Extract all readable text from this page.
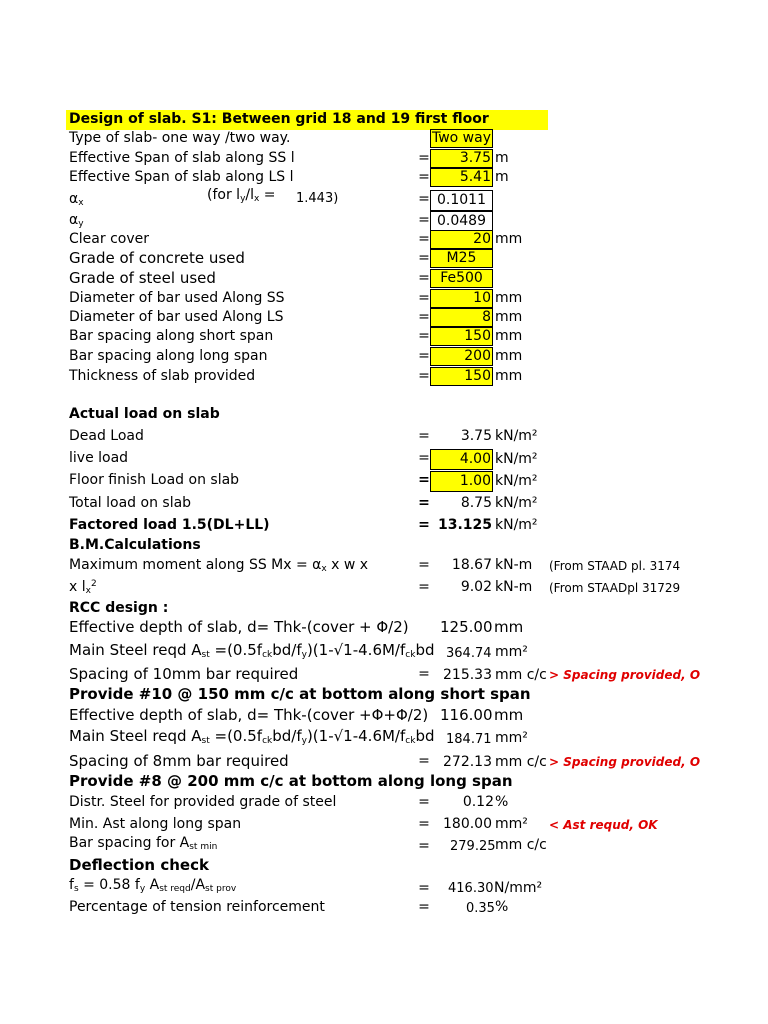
Design of slab. S1: Between grid 18 and 19 first floor
Type of slab- one way /two way.	Two way
Effective Span of slab along SS l	=	3.75 m
Effective Span of slab along LS l	=	5.41 m
αx	(for ly/lx = 1.443)	= 0.1011
αy	= 0.0489
Clear cover	=	20 mm
Grade of concrete used	=	M25
Grade of steel used	= Fe500
Diameter of bar used Along SS	=	10 mm
Diameter of bar used Along LS	=	8 mm
Bar spacing along short span	=	150 mm
Bar spacing along long span	=	200 mm
Thickness of slab provided	=	150 mm
Actual load on slab
Dead Load	=	3.75 kN/m²
live load	=	4.00 kN/m²
Floor finish Load on slab	=	1.00 kN/m²
Total load on slab	=	8.75 kN/m²
Factored load 1.5(DL+LL)	= 13.125 kN/m²
B.M.Calculations
Maximum moment along SS Mx = αx x w x	=	18.67 kN-m (From STAAD pl. 3174
x $lx^2$	=	9.02 kN-m (From STAADpl 31729
RCC design :
Effective depth of slab, d= Thk-(cover + Φ/2) 125.00 mm
Main Steel reqd Ast =(0.5fckbd/fy)(1-√1-4.6M/fckbd 364.74 mm²
Spacing of 10mm bar required	= 215.33 mm c/c > Spacing provided, O
Provide #10 @ 150 mm c/c at bottom along short span
Effective depth of slab, d= Thk-(cover +Φ+Φ/2) 116.00 mm
Main Steel reqd Ast =(0.5fckbd/fy)(1-√1-4.6M/fckbd 184.71 mm²
Spacing of 8mm bar required	= 272.13 mm c/c > Spacing provided, O
Provide #8 @ 200 mm c/c at bottom along long span
Distr. Steel for provided grade of steel	=	0.12 %
Min. Ast along long span	= 180.00 mm² < Ast requd, OK
Bar spacing for Ast min	= 279.25 mm c/c
Deflection check
fs = 0.58 fy Ast reqd/Ast prov	= 416.30 N/mm²
Percentage of tension reinforcement	=	0.35 %
